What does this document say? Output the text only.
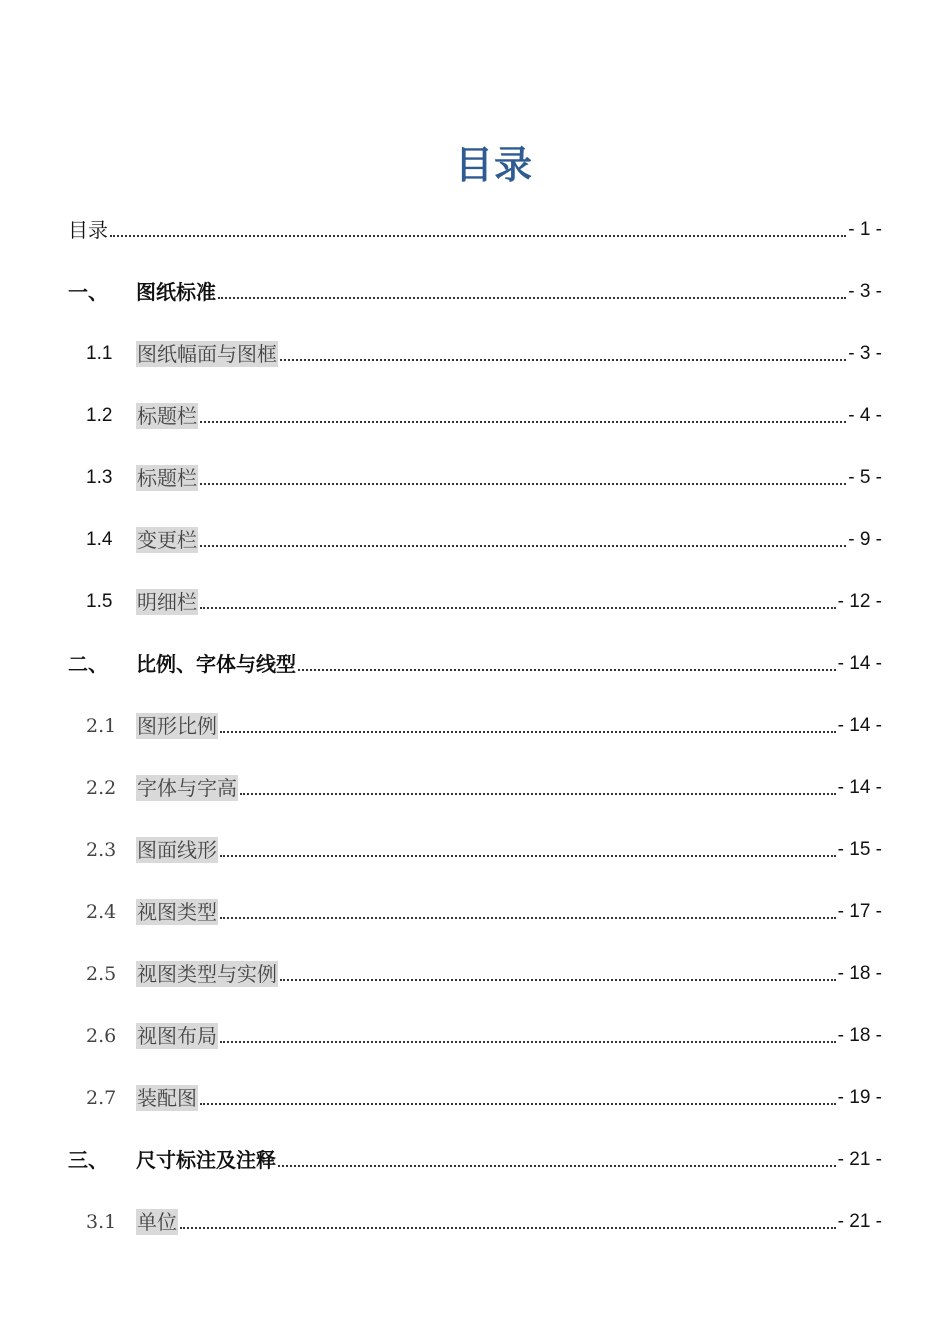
目录
目录	- 1 -
一、	图纸标准	- 3 -
1.1	图纸幅面与图框	- 3 -
1.2	标题栏	- 4 -
1.3	标题栏	- 5 -
1.4	变更栏	- 9 -
1.5	明细栏	- 12 -
二、	比例、字体与线型	- 14 -
2.1	图形比例	- 14 -
2.2	字体与字高	- 14 -
2.3	图面线形	- 15 -
2.4	视图类型	- 17 -
2.5	视图类型与实例	- 18 -
2.6	视图布局	- 18 -
2.7	装配图	- 19 -
三、	尺寸标注及注释	- 21 -
3.1	单位	- 21 -
